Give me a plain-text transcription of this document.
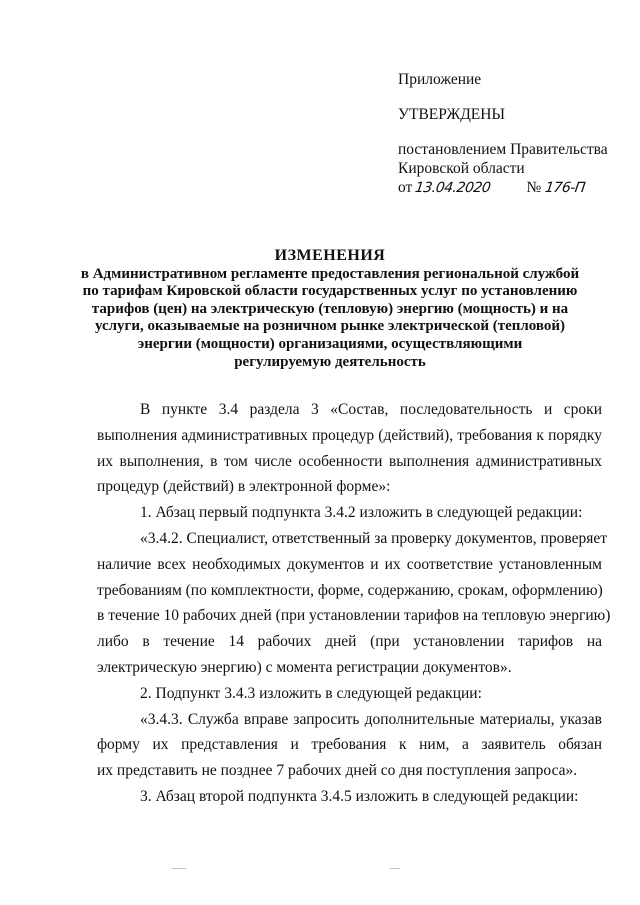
Приложение
УТВЕРЖДЕНЫ
постановлением Правительства
Кировской области
от 13.04.2020 № 176-П
ИЗМЕНЕНИЯ
в Административном регламенте предоставления региональной службой
по тарифам Кировской области государственных услуг по установлению
тарифов (цен) на электрическую (тепловую) энергию (мощность) и на
услуги, оказываемые на розничном рынке электрической (тепловой)
энергии (мощности) организациями, осуществляющими
регулируемую деятельность
В пункте 3.4 раздела 3 «Состав, последовательность и сроки
выполнения административных процедур (действий), требования к порядку
их выполнения, в том числе особенности выполнения административных
процедур (действий) в электронной форме»:
1. Абзац первый подпункта 3.4.2 изложить в следующей редакции:
«3.4.2. Специалист, ответственный за проверку документов, проверяет
наличие всех необходимых документов и их соответствие установленным
требованиям (по комплектности, форме, содержанию, срокам, оформлению)
в течение 10 рабочих дней (при установлении тарифов на тепловую энергию)
либо в течение 14 рабочих дней (при установлении тарифов на
электрическую энергию) с момента регистрации документов».
2. Подпункт 3.4.3 изложить в следующей редакции:
«3.4.3. Служба вправе запросить дополнительные материалы, указав
форму их представления и требования к ним, а заявитель обязан
их представить не позднее 7 рабочих дней со дня поступления запроса».
3. Абзац второй подпункта 3.4.5 изложить в следующей редакции:
